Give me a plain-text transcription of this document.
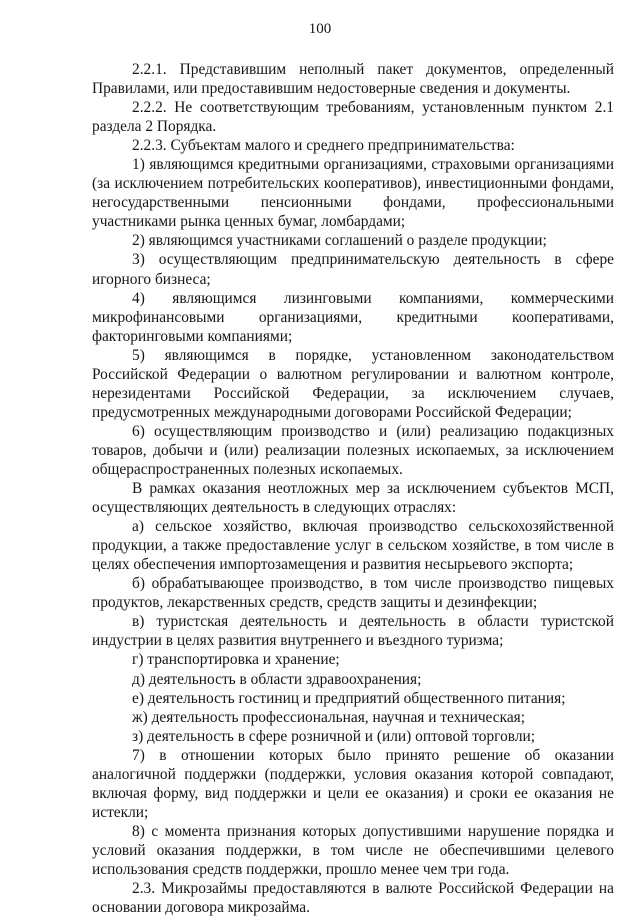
100

2.2.1. Представившим неполный пакет документов, определенный Правилами, или предоставившим недостоверные сведения и документы.

2.2.2. Не соответствующим требованиям, установленным пунктом 2.1 раздела 2 Порядка.

2.2.3. Субъектам малого и среднего предпринимательства:

1) являющимся кредитными организациями, страховыми организациями (за исключением потребительских кооперативов), инвестиционными фондами, негосударственными пенсионными фондами, профессиональными участниками рынка ценных бумаг, ломбардами;

2) являющимся участниками соглашений о разделе продукции;

3) осуществляющим предпринимательскую деятельность в сфере игорного бизнеса;

4) являющимся лизинговыми компаниями, коммерческими микрофинансовыми организациями, кредитными кооперативами, факторинговыми компаниями;

5) являющимся в порядке, установленном законодательством Российской Федерации о валютном регулировании и валютном контроле, нерезидентами Российской Федерации, за исключением случаев, предусмотренных международными договорами Российской Федерации;

6) осуществляющим производство и (или) реализацию подакцизных товаров, добычи и (или) реализации полезных ископаемых, за исключением общераспространенных полезных ископаемых.

В рамках оказания неотложных мер за исключением субъектов МСП, осуществляющих деятельность в следующих отраслях:

а) сельское хозяйство, включая производство сельскохозяйственной продукции, а также предоставление услуг в сельском хозяйстве, в том числе в целях обеспечения импортозамещения и развития несырьевого экспорта;

б) обрабатывающее производство, в том числе производство пищевых продуктов, лекарственных средств, средств защиты и дезинфекции;

в) туристская деятельность и деятельность в области туристской индустрии в целях развития внутреннего и въездного туризма;

г) транспортировка и хранение;

д) деятельность в области здравоохранения;

е) деятельность гостиниц и предприятий общественного питания;

ж) деятельность профессиональная, научная и техническая;

з) деятельность в сфере розничной и (или) оптовой торговли;

7) в отношении которых было принято решение об оказании аналогичной поддержки (поддержки, условия оказания которой совпадают, включая форму, вид поддержки и цели ее оказания) и сроки ее оказания не истекли;

8) с момента признания которых допустившими нарушение порядка и условий оказания поддержки, в том числе не обеспечившими целевого использования средств поддержки, прошло менее чем три года.

2.3. Микрозаймы предоставляются в валюте Российской Федерации на основании договора микрозайма.
